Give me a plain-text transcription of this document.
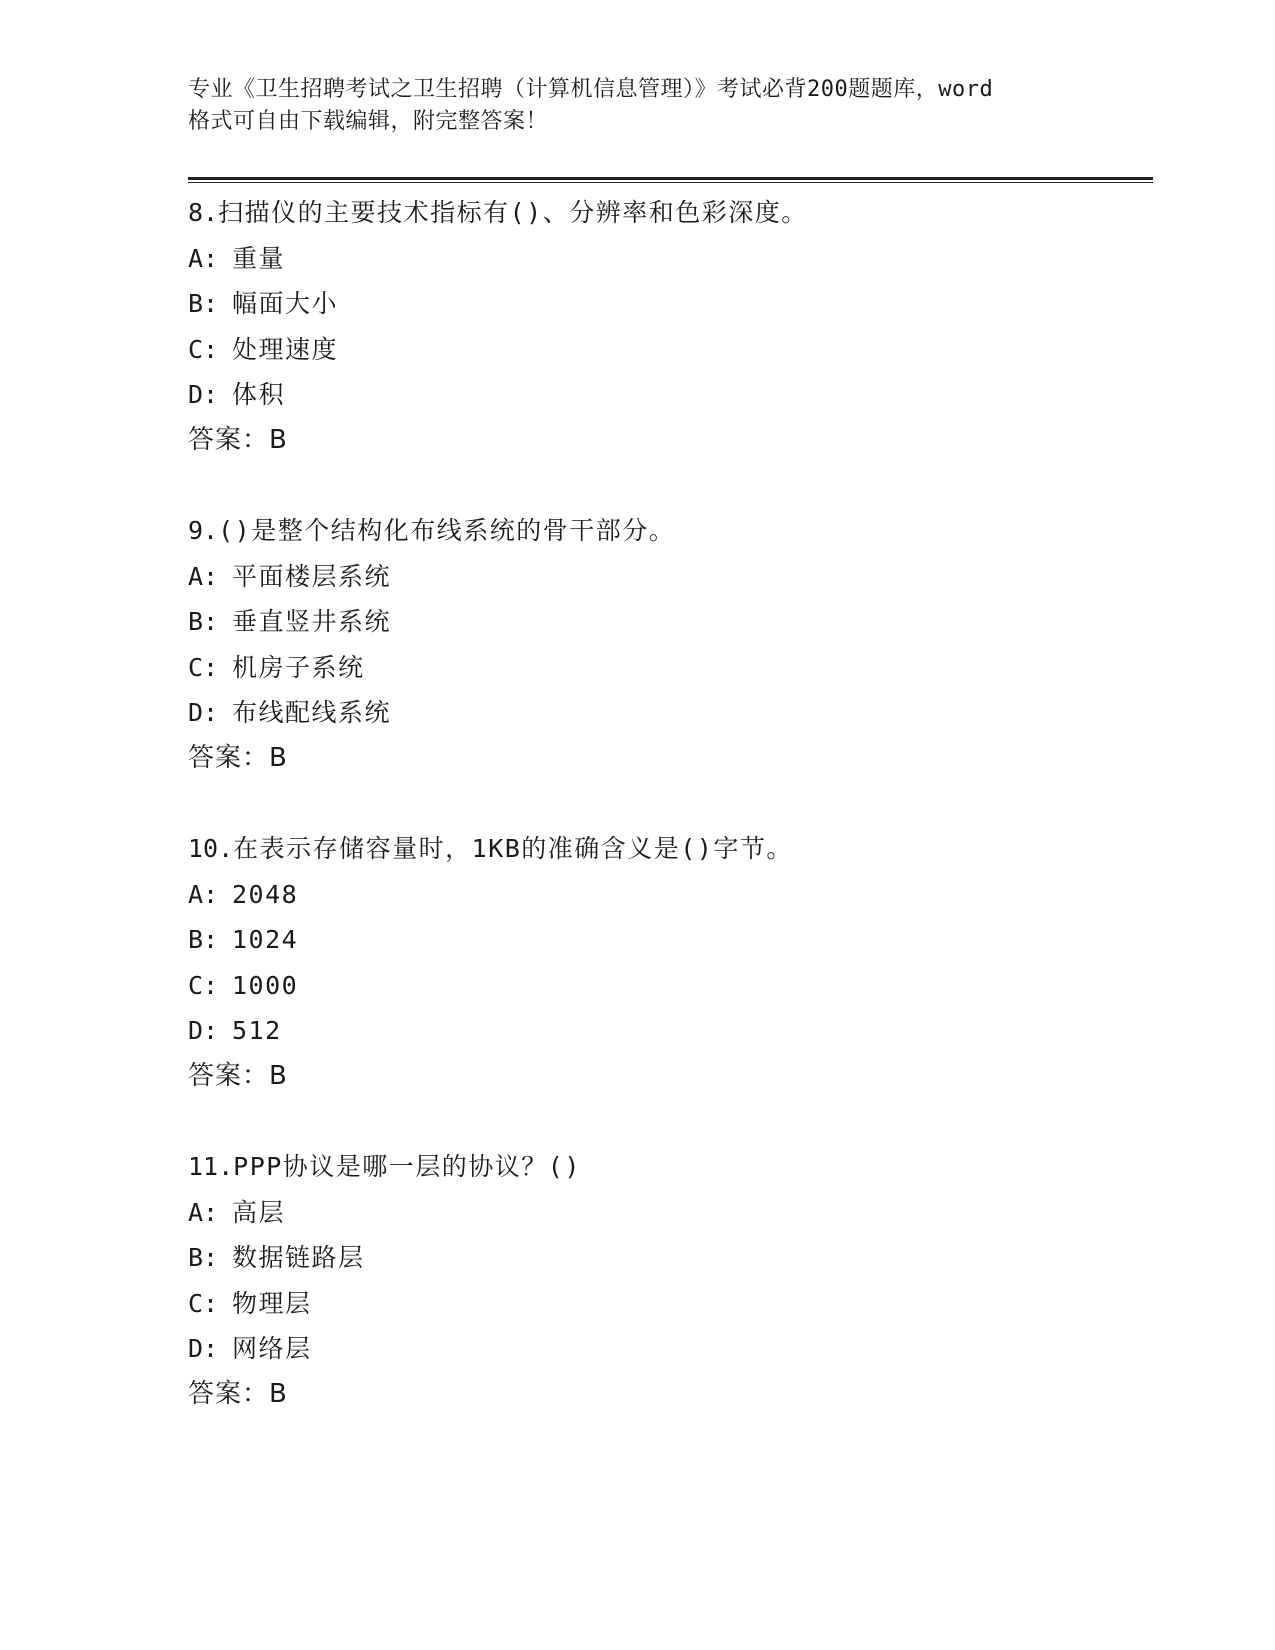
专业《卫生招聘考试之卫生招聘（计算机信息管理）》考试必背200题题库，word
格式可自由下载编辑，附完整答案！
8.扫描仪的主要技术指标有()、分辨率和色彩深度。
A: 重量
B: 幅面大小
C: 处理速度
D: 体积
答案：B
9.()是整个结构化布线系统的骨干部分。
A: 平面楼层系统
B: 垂直竖井系统
C: 机房子系统
D: 布线配线系统
答案：B
10.在表示存储容量时，1KB的准确含义是()字节。
A: 2048
B: 1024
C: 1000
D: 512
答案：B
11.PPP协议是哪一层的协议？()
A: 高层
B: 数据链路层
C: 物理层
D: 网络层
答案：B
